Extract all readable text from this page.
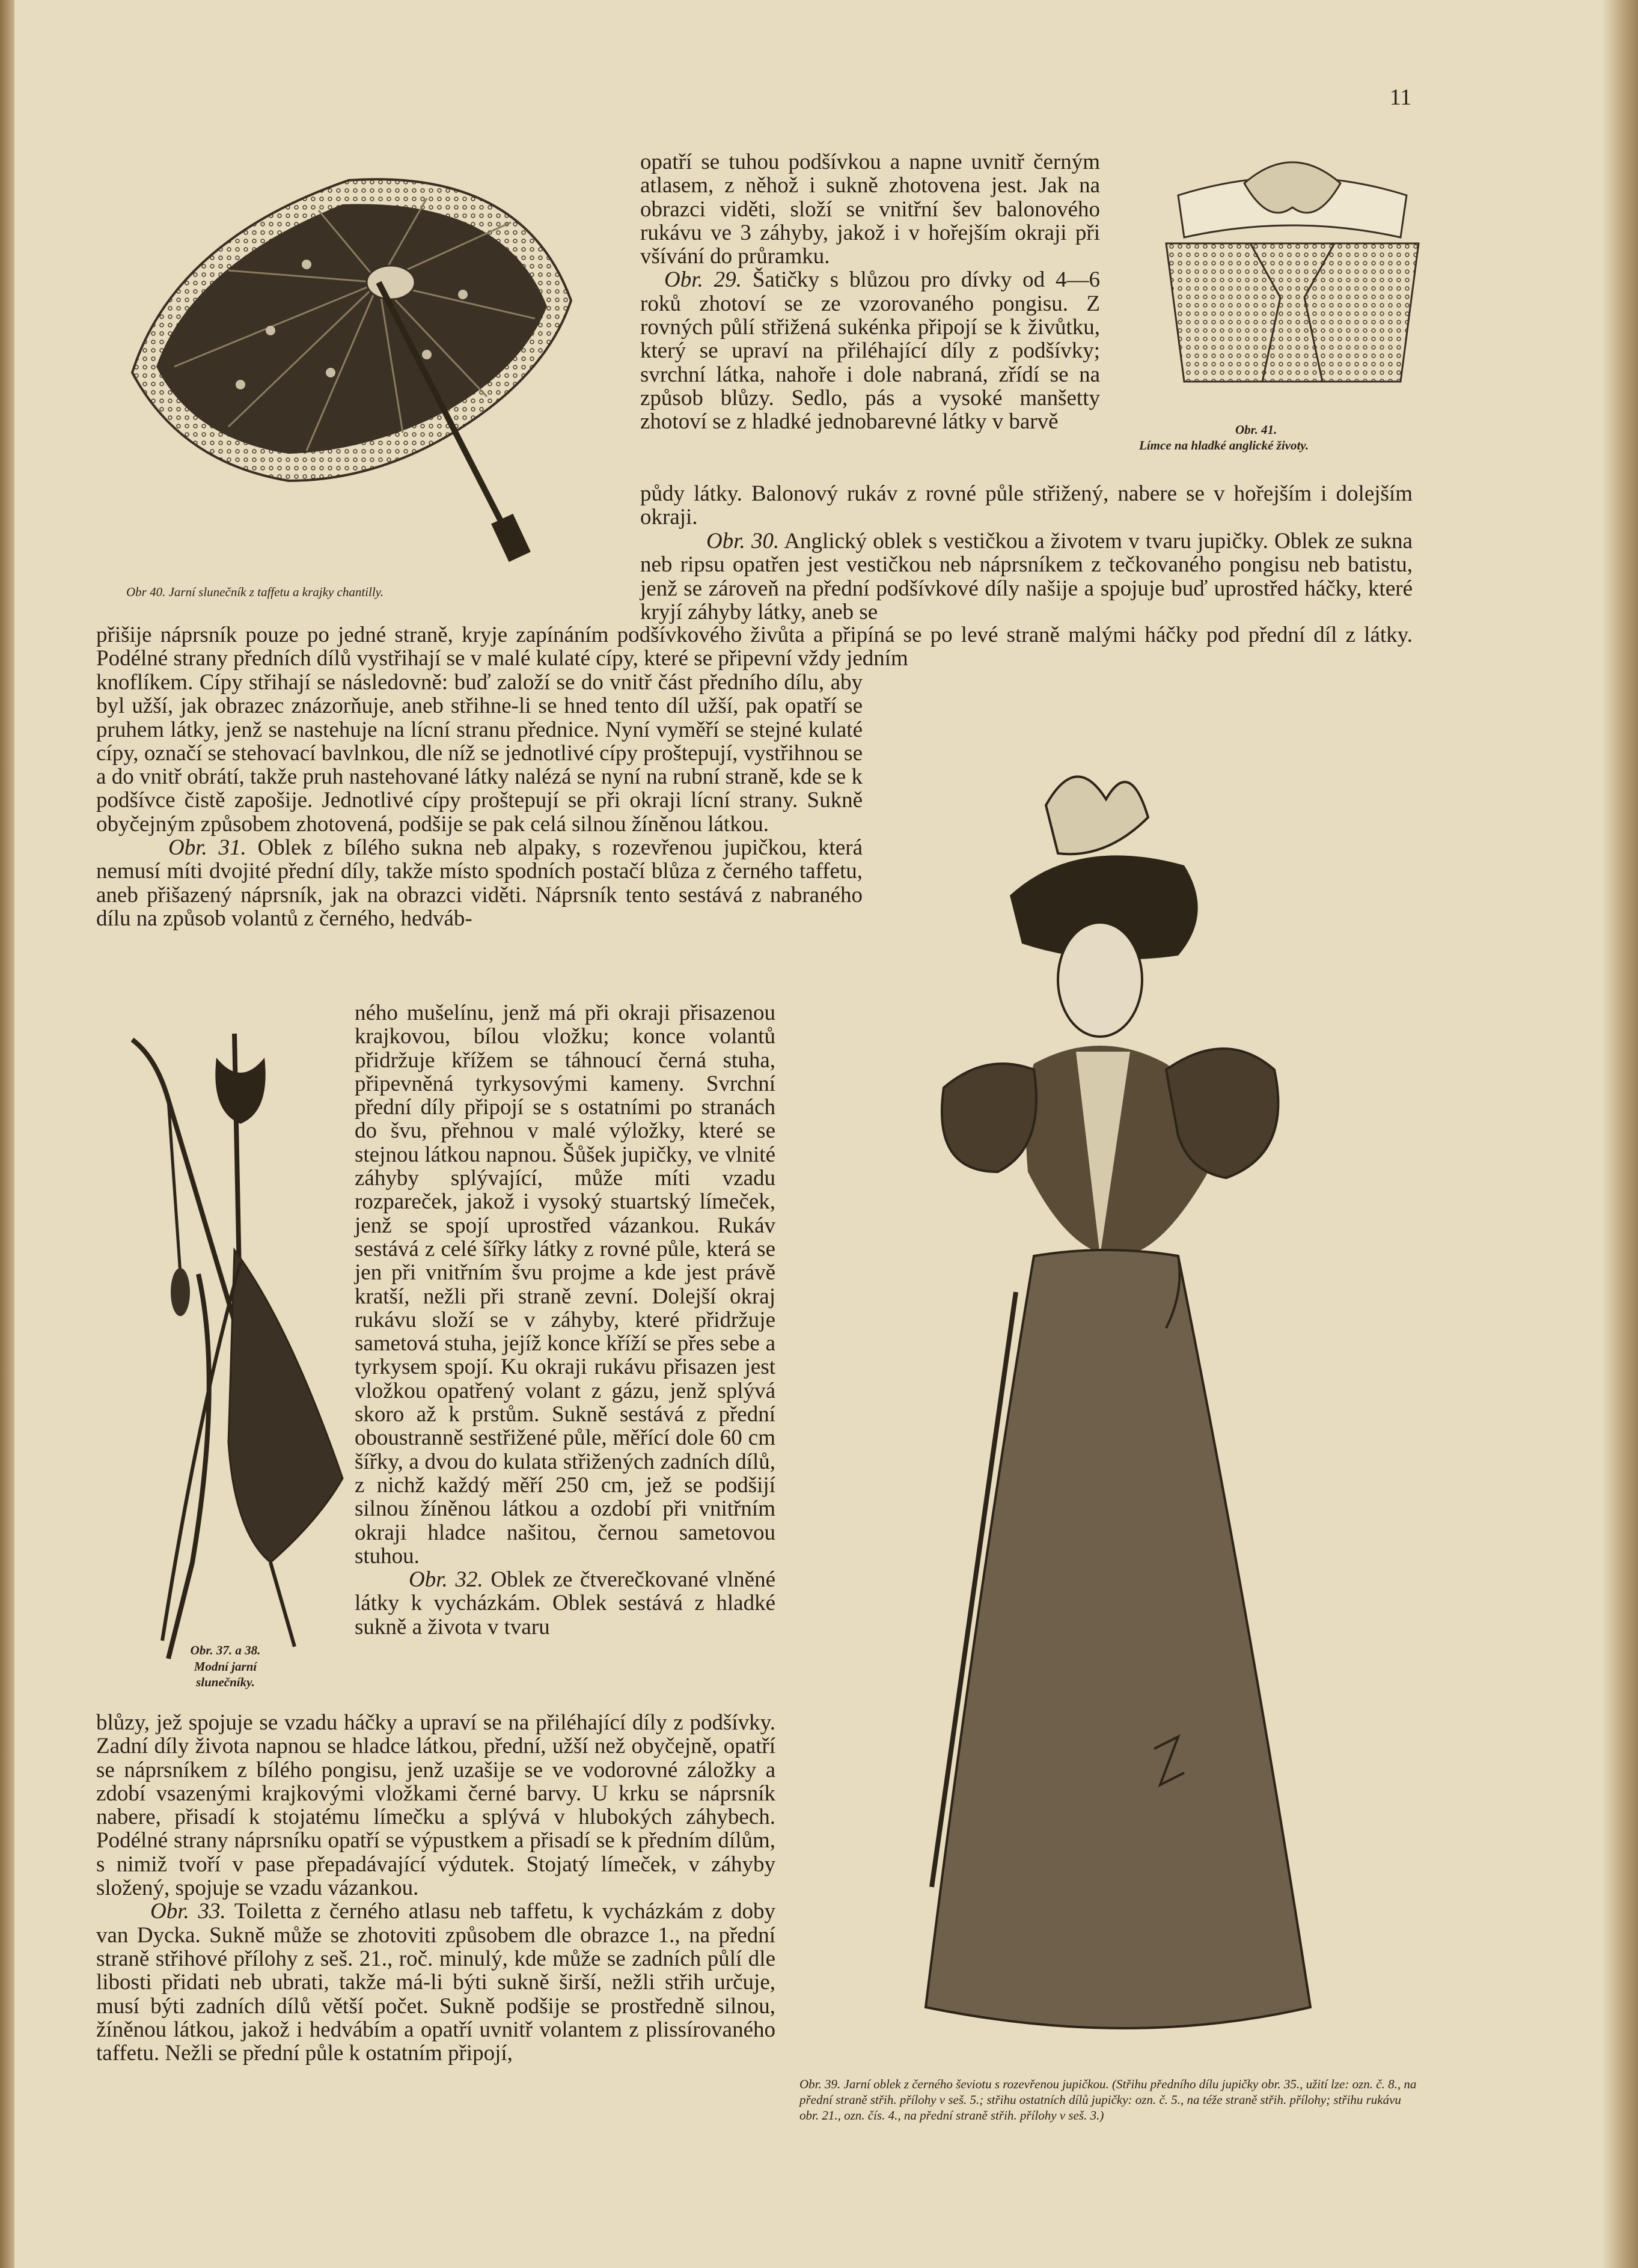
11

Obr 40. Jarní slunečník z taffetu a krajky chantilly.

Obr. 41.

Límce na hladké anglické životy.

Obr. 37. a 38.

Modní jarní

slunečníky.

Obr. 39. Jarní oblek z černého ševiotu s rozevřenou jupičkou. (Střihu předního dílu jupičky obr. 35., užití lze: ozn. č. 8., na přední straně střih. přílohy v seš. 5.; střihu ostatních dílů jupičky: ozn. č. 5., na téže straně střih. přílohy; střihu rukávu obr. 21., ozn. čís. 4., na přední straně střih. přílohy v seš. 3.)

opatří se tuhou podšívkou a napne uvnitř černým atlasem, z něhož i sukně zhotovena jest. Jak na obrazci viděti, složí se vnitřní šev balonového rukávu ve 3 záhyby, jakož i v hořejším okraji při všívání do průramku.
Obr. 29. Šatičky s blůzou pro dívky od 4—6 roků zhotoví se ze vzorovaného pongisu. Z rovných půlí střižená sukénka připojí se k živůtku, který se upraví na přiléhající díly z podšívky; svrchní látka, nahoře i dole nabraná, zřídí se na způsob blůzy. Sedlo, pás a vysoké manšetty zhotoví se z hladké jednobarevné látky v barvě

půdy látky. Balonový rukáv z rovné půle střižený, nabere se v hořejším i dolejším okraji.

Obr. 30. Anglický oblek s vestičkou a životem v tvaru jupičky. Oblek ze sukna neb ripsu opatřen jest vestičkou neb náprsníkem z tečkovaného pongisu neb batistu, jenž se zároveň na přední podšívkové díly našije a spojuje buď uprostřed háčky, které kryjí záhyby látky, aneb se

přišije náprsník pouze po jedné straně, kryje zapínáním podšívkového živůta a připíná se po levé straně malými háčky pod přední díl z látky. Podélné strany předních dílů vystřihají se v malé kulaté cípy, které se připevní vždy jedním

knoflíkem. Cípy střihají se následovně: buď založí se do vnitř část předního dílu, aby byl užší, jak obrazec znázorňuje, aneb střihne-li se hned tento díl užší, pak opatří se pruhem látky, jenž se nastehuje na lícní stranu přednice. Nyní vyměří se stejné kulaté cípy, označí se stehovací bavlnkou, dle níž se jednotlivé cípy proštepují, vystřihnou se a do vnitř obrátí, takže pruh nastehované látky nalézá se nyní na rubní straně, kde se k podšívce čistě zapošije. Jednotlivé cípy proštepují se při okraji lícní strany. Sukně obyčejným způsobem zhotovená, podšije se pak celá silnou žíněnou látkou.
Obr. 31. Oblek z bílého sukna neb alpaky, s rozevřenou jupičkou, která nemusí míti dvojité přední díly, takže místo spodních postačí blůza z černého taffetu, aneb přišazený náprsník, jak na obrazci viděti. Náprsník tento sestává z nabraného dílu na způsob volantů z černého, hedváb-

ného mušelínu, jenž má při okraji přisazenou krajkovou, bílou vložku; konce volantů přidržuje křížem se táhnoucí černá stuha, připevněná tyrkysovými kameny. Svrchní přední díly připojí se s ostatními po stranách do švu, přehnou v malé výložky, které se stejnou látkou napnou. Šůšek jupičky, ve vlnité záhyby splývající, může míti vzadu rozpareček, jakož i vysoký stuartský límeček, jenž se spojí uprostřed vázankou. Rukáv sestává z celé šířky látky z rovné půle, která se jen při vnitřním švu projme a kde jest právě kratší, nežli při straně zevní. Dolejší okraj rukávu složí se v záhyby, které přidržuje sametová stuha, jejíž konce kříží se přes sebe a tyrkysem spojí. Ku okraji rukávu přisazen jest vložkou opatřený volant z gázu, jenž splývá skoro až k prstům. Sukně sestává z přední oboustranně sestřižené půle, měřící dole 60 cm šířky, a dvou do kulata střižených zadních dílů, z nichž každý měří 250 cm, jež se podšijí silnou žíněnou látkou a ozdobí při vnitřním okraji hladce našitou, černou sametovou stuhou.
Obr. 32. Oblek ze čtverečkované vlněné látky k vycházkám. Oblek sestává z hladké sukně a života v tvaru

blůzy, jež spojuje se vzadu háčky a upraví se na přiléhající díly z podšívky. Zadní díly života napnou se hladce látkou, přední, užší než obyčejně, opatří se náprsníkem z bílého pongisu, jenž uzašije se ve vodorovné záložky a zdobí vsazenými krajkovými vložkami černé barvy. U krku se náprsník nabere, přisadí k stojatému límečku a splývá v hlubokých záhybech. Podélné strany náprsníku opatří se výpustkem a přisadí se k předním dílům, s nimiž tvoří v pase přepadávající výdutek. Stojatý límeček, v záhyby složený, spojuje se vzadu vázankou.
Obr. 33. Toiletta z černého atlasu neb taffetu, k vycházkám z doby van Dycka. Sukně může se zhotoviti způsobem dle obrazce 1., na přední straně střihové přílohy z seš. 21., roč. minulý, kde může se zadních půlí dle libosti přidati neb ubrati, takže má-li býti sukně širší, nežli střih určuje, musí býti zadních dílů větší počet. Sukně podšije se prostředně silnou, žíněnou látkou, jakož i hedvábím a opatří uvnitř volantem z plissírovaného taffetu. Nežli se přední půle k ostatním připojí,
